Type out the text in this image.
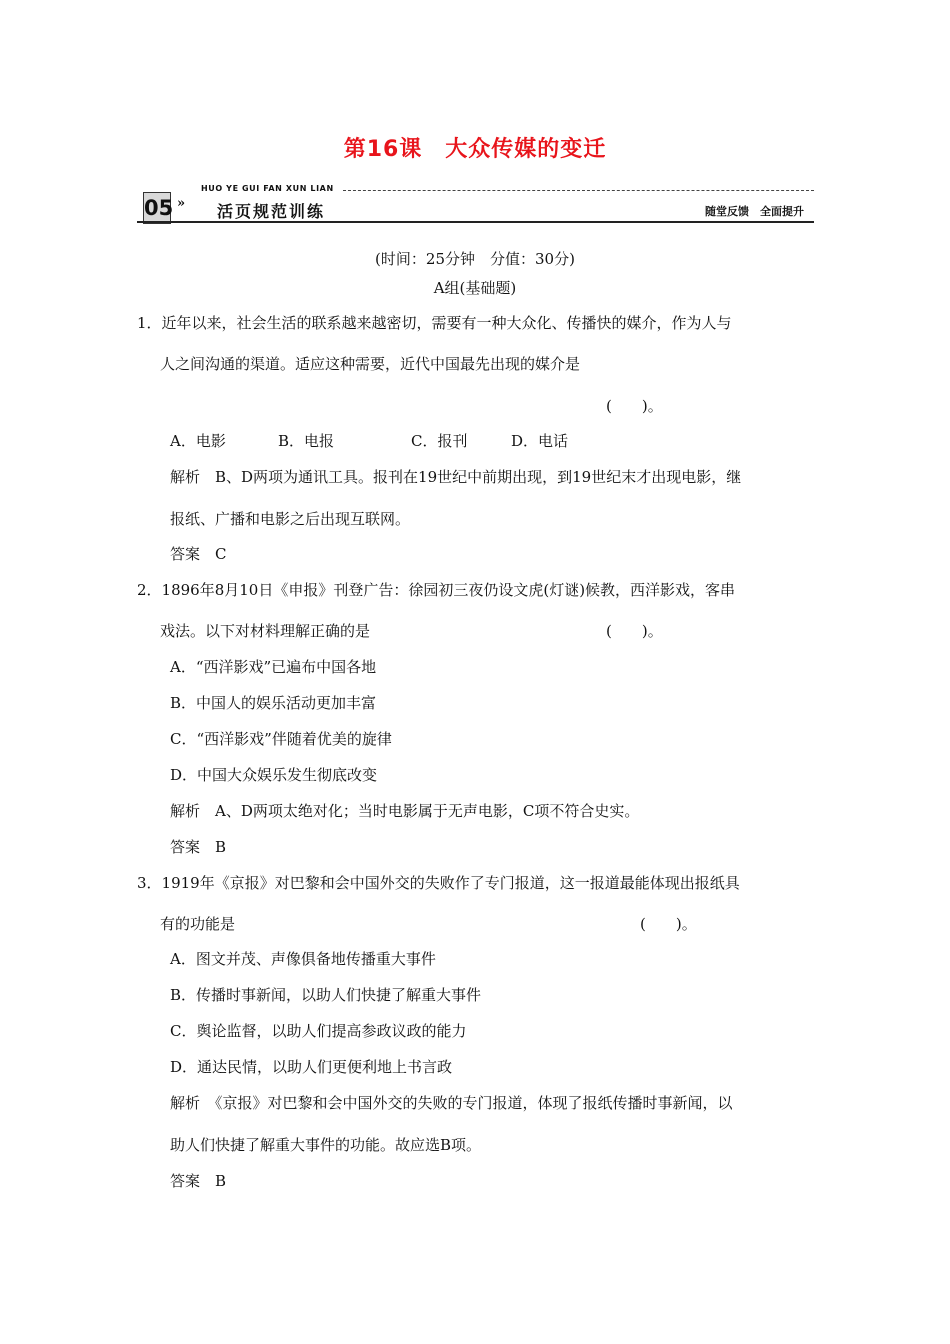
第16课　大众传媒的变迁
HUO YE GUI FAN XUN LIAN
05 » 活页规范训练	随堂反馈　全面提升
(时间：25分钟　分值：30分)
A组(基础题)
1．近年以来，社会生活的联系越来越密切，需要有一种大众化、传播快的媒介，作为人与
人之间沟通的渠道。适应这种需要，近代中国最先出现的媒介是
(　　)。
A．电影	B．电报	C．报刊	D．电话
解析　B、D两项为通讯工具。报刊在19世纪中前期出现，到19世纪末才出现电影，继
报纸、广播和电影之后出现互联网。
答案　C
2．1896年8月10日《申报》刊登广告：徐园初三夜仍设文虎(灯谜)候教，西洋影戏，客串
戏法。以下对材料理解正确的是	(　　)。
A．“西洋影戏”已遍布中国各地
B．中国人的娱乐活动更加丰富
C．“西洋影戏”伴随着优美的旋律
D．中国大众娱乐发生彻底改变
解析　A、D两项太绝对化；当时电影属于无声电影，C项不符合史实。
答案　B
3．1919年《京报》对巴黎和会中国外交的失败作了专门报道，这一报道最能体现出报纸具
有的功能是	(　　)。
A．图文并茂、声像俱备地传播重大事件
B．传播时事新闻，以助人们快捷了解重大事件
C．舆论监督，以助人们提高参政议政的能力
D．通达民情，以助人们更便利地上书言政
解析　《京报》对巴黎和会中国外交的失败的专门报道，体现了报纸传播时事新闻，以
助人们快捷了解重大事件的功能。故应选B项。
答案　B
